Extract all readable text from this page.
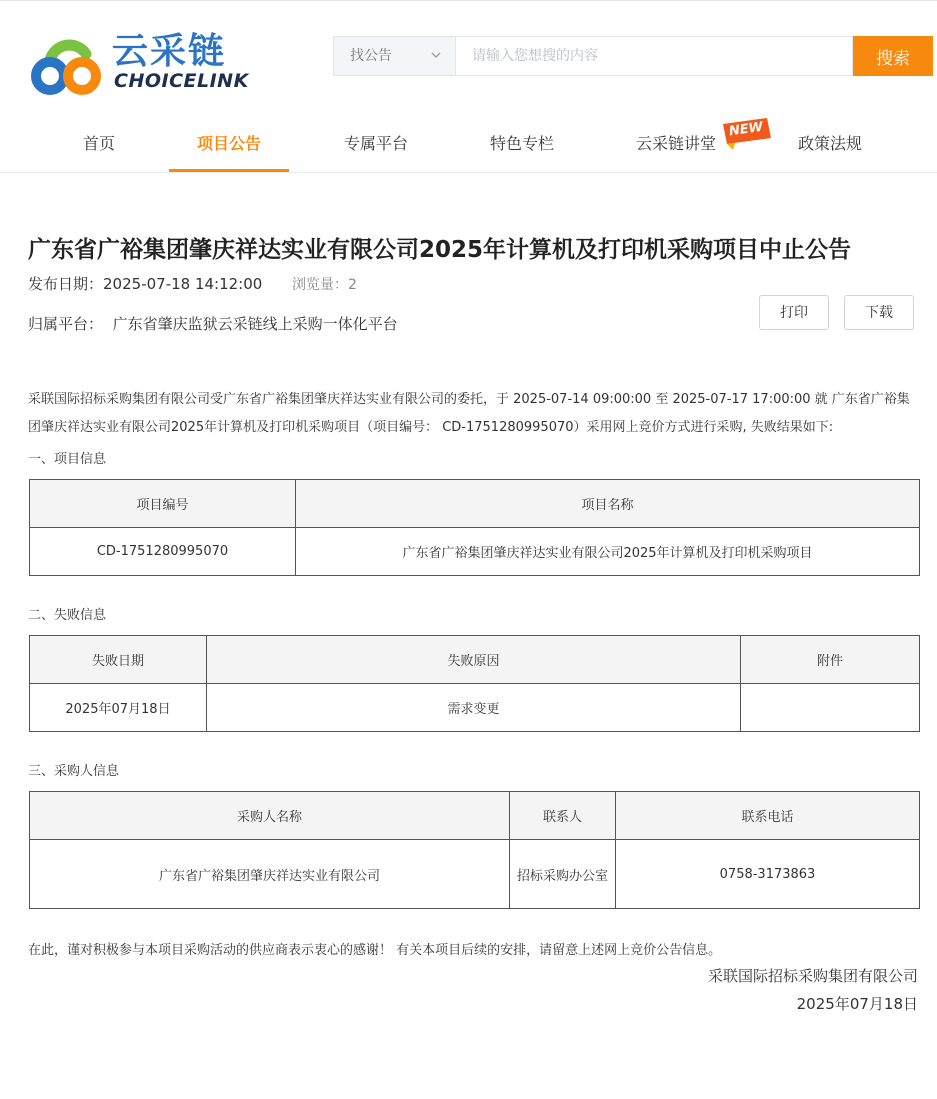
云采链
CHOICELINK
找公告
请输入您想搜的内容	搜索
首页	项目公告	专属平台	特色专栏	云采链讲堂	政策法规
NEW
广东省广裕集团肇庆祥达实业有限公司2025年计算机及打印机采购项目中止公告
发布日期：2025-07-18 14:12:00 浏览量：2
归属平台： 广东省肇庆监狱云采链线上采购一体化平台
打印	下载

采联国际招标采购集团有限公司受广东省广裕集团肇庆祥达实业有限公司的委托，于 2025-07-14 09:00:00 至 2025-07-17 17:00:00 就 广东省广裕集团肇庆祥达实业有限公司2025年计算机及打印机采购项目（项目编号： CD-1751280995070）采用网上竞价方式进行采购, 失败结果如下:

一、项目信息
项目编号	项目名称
CD-1751280995070	广东省广裕集团肇庆祥达实业有限公司2025年计算机及打印机采购项目
二、失败信息
失败日期	失败原因	附件
2025年07月18日	需求变更	
三、采购人信息
采购人名称	联系人	联系电话
广东省广裕集团肇庆祥达实业有限公司	招标采购办公室	0758-3173863

在此，谨对积极参与本项目采购活动的供应商表示衷心的感谢！ 有关本项目后续的安排，请留意上述网上竞价公告信息。

采联国际招标采购集团有限公司
2025年07月18日
